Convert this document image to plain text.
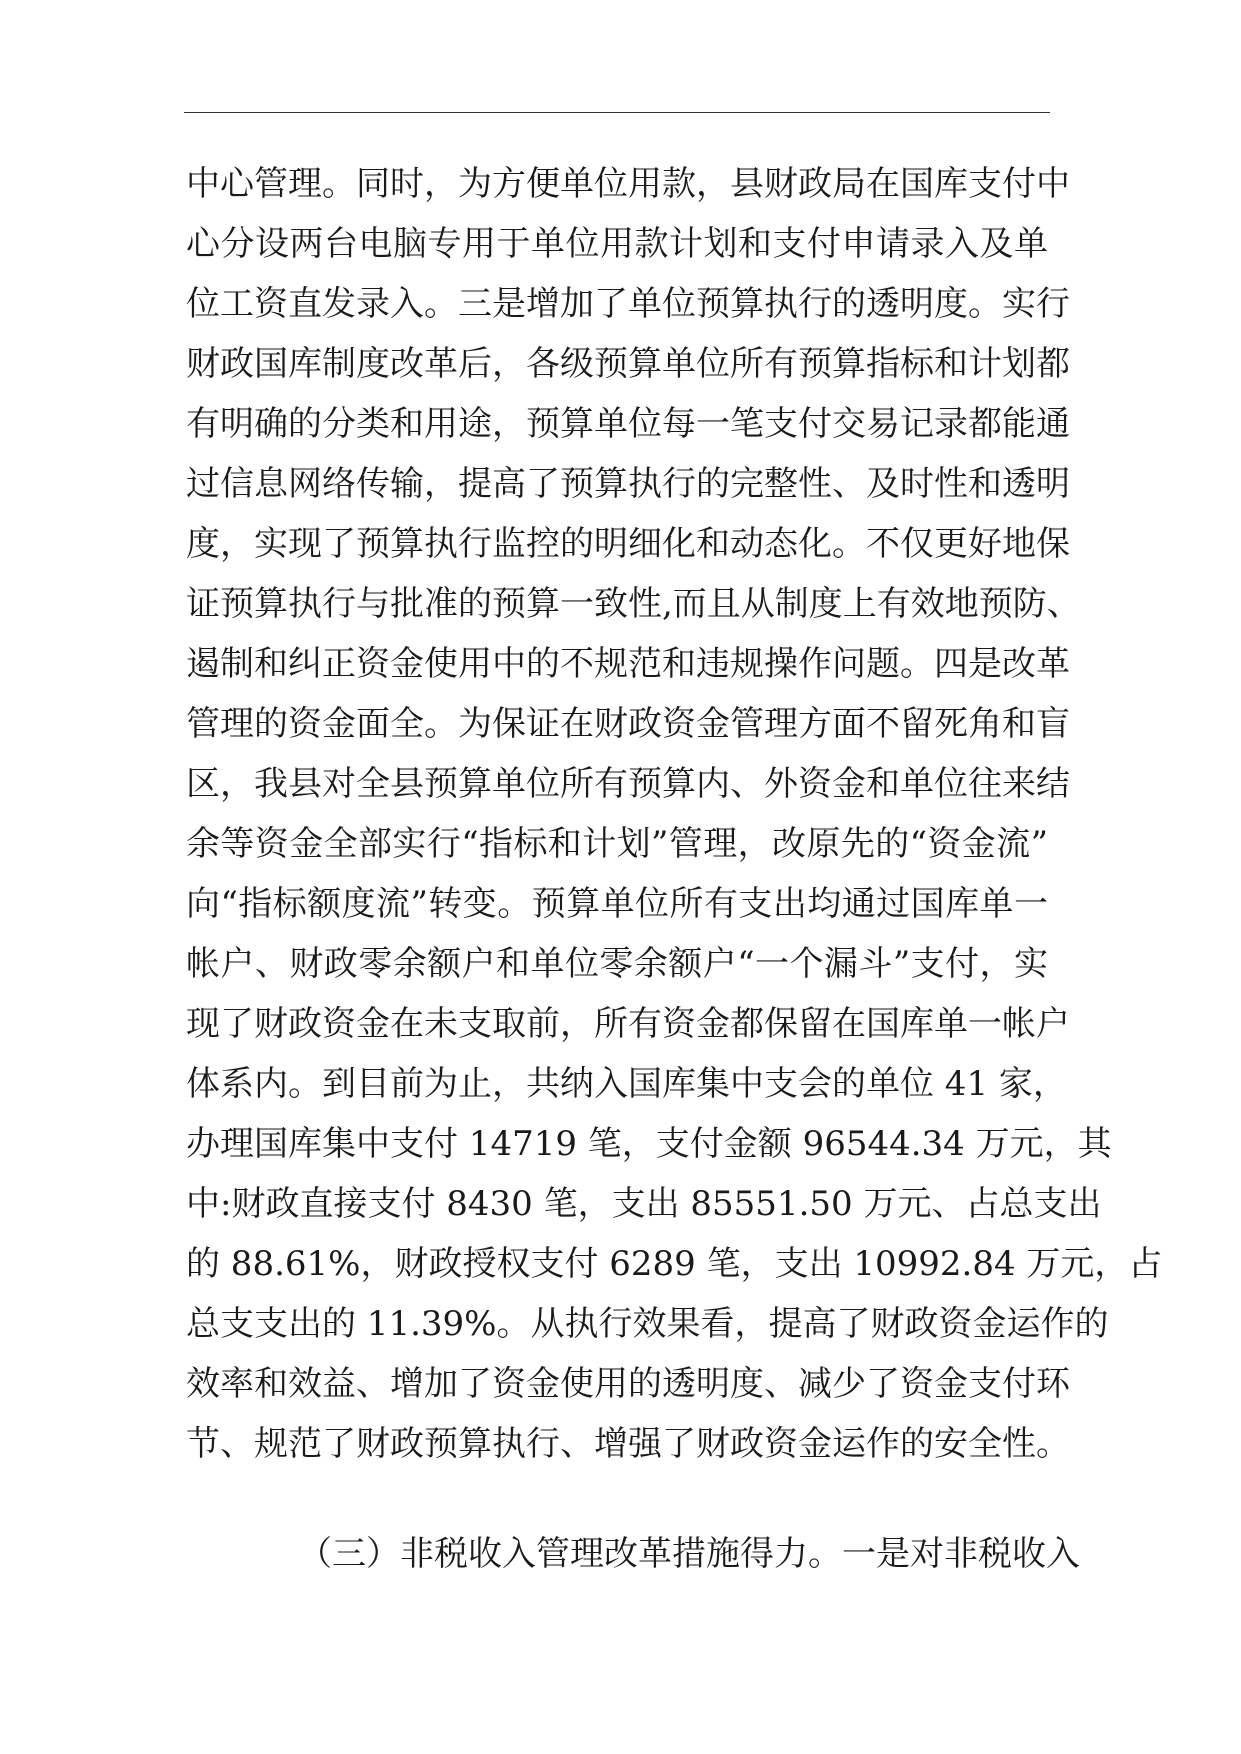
中心管理。同时，为方便单位用款，县财政局在国库支付中
心分设两台电脑专用于单位用款计划和支付申请录入及单
位工资直发录入。三是增加了单位预算执行的透明度。实行
财政国库制度改革后，各级预算单位所有预算指标和计划都
有明确的分类和用途，预算单位每一笔支付交易记录都能通
过信息网络传输，提高了预算执行的完整性、及时性和透明
度，实现了预算执行监控的明细化和动态化。不仅更好地保
证预算执行与批准的预算一致性,而且从制度上有效地预防、
遏制和纠正资金使用中的不规范和违规操作问题。四是改革
管理的资金面全。为保证在财政资金管理方面不留死角和盲
区，我县对全县预算单位所有预算内、外资金和单位往来结
余等资金全部实行“指标和计划”管理，改原先的“资金流”
向“指标额度流”转变。预算单位所有支出均通过国库单一
帐户、财政零余额户和单位零余额户“一个漏斗”支付，实
现了财政资金在未支取前，所有资金都保留在国库单一帐户
体系内。到目前为止，共纳入国库集中支会的单位 41 家，
办理国库集中支付 14719 笔，支付金额 96544.34 万元，其
中:财政直接支付 8430 笔，支出 85551.50 万元、占总支出
的 88.61%，财政授权支付 6289 笔，支出 10992.84 万元，占
总支支出的 11.39%。从执行效果看，提高了财政资金运作的
效率和效益、增加了资金使用的透明度、减少了资金支付环
节、规范了财政预算执行、增强了财政资金运作的安全性。
（三）非税收入管理改革措施得力。一是对非税收入
